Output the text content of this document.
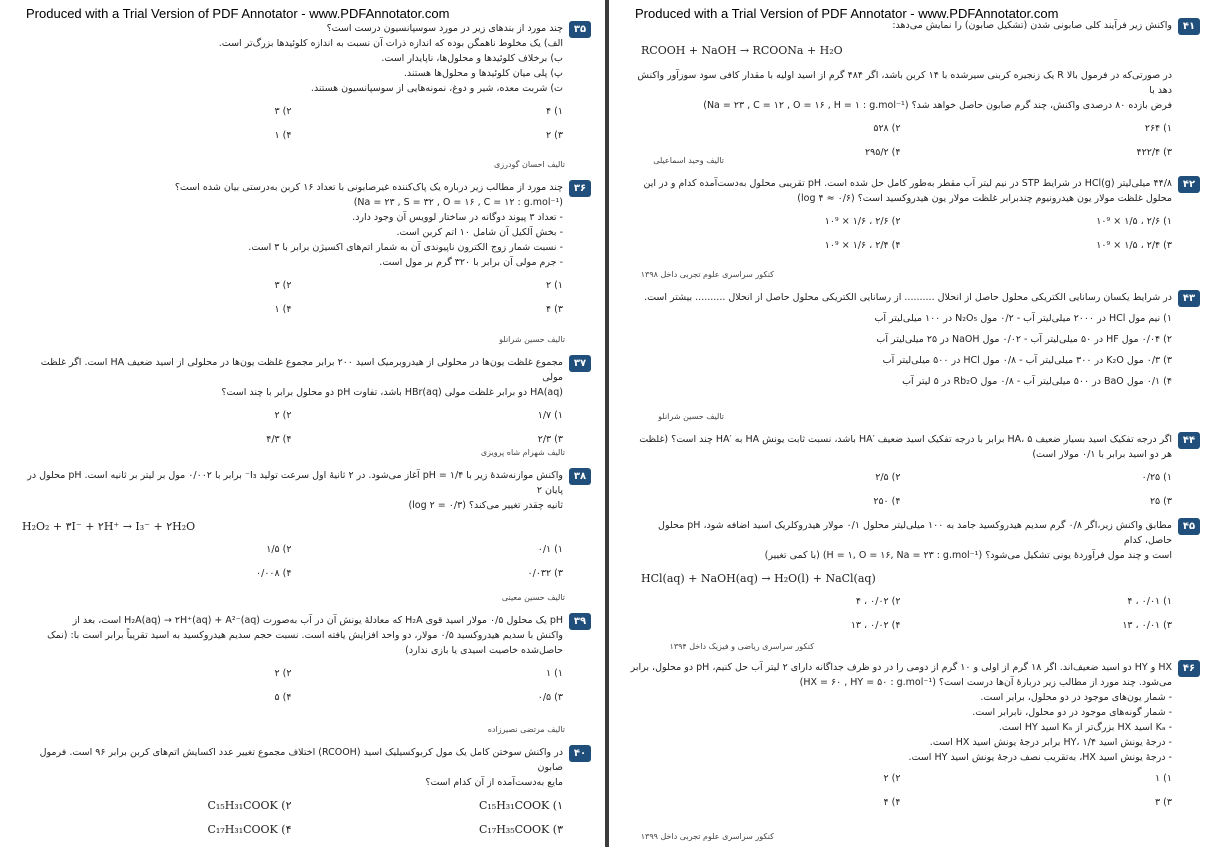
Produced with a Trial Version of PDF Annotator - www.PDFAnnotator.com
۳۵
چند مورد از بندهای زیر در مورد سوسپانسیون درست است؟
الف) یک مخلوط ناهمگن بوده که اندازه ذرات آن نسبت به اندازه کلوئیدها بزرگ‌تر است.
ب) برخلاف کلوئیدها و محلول‌ها، ناپایدار است.
پ) پلی میان کلوئیدها و محلول‌ها هستند.
ت) شربت معده، شیر و دوغ، نمونه‌هایی از سوسپانسیون هستند.
۱) ۴
۲) ۳
۳) ۲
۴) ۱
تالیف احسان گودرزی
۳۶
چند مورد از مطالب زیر درباره یک پاک‌کننده غیرصابونی با تعداد ۱۶ کربن به‌درستی بیان شده است؟
(Na = ۲۳ , S = ۳۲ , O = ۱۶ , C = ۱۲ : g.mol⁻¹)
- تعداد ۳ پیوند دوگانه در ساختار لوویس آن وجود دارد.
- بخش آلکیل آن شامل ۱۰ اتم کربن است.
- نسبت شمار زوج الکترون ناپیوندی آن به شمار اتم‌های اکسیژن برابر با ۳ است.
- جرم مولی آن برابر با ۳۲۰ گرم بر مول است.
۱) ۲
۲) ۳
۳) ۴
۴) ۱
تالیف حسین شرانلو
۳۷
مجموع غلظت یون‌ها در محلولی از هیدروبرمیک اسید ۲۰۰ برابر مجموع غلظت یون‌ها در محلولی از اسید ضعیف HA است. اگر غلظت مولی
HA(aq) دو برابر غلظت مولی HBr(aq) باشد، تفاوت pH دو محلول برابر با چند است؟
۱) ۱/۷
۲) ۲
۳) ۲/۳
۴) ۴/۳
تالیف شهرام شاه پرویزی
۳۸
واکنش موازنه‌شدهٔ زیر با pH = ۱/۴ آغاز می‌شود. در ۲ ثانیهٔ اول سرعت تولید I₃⁻ برابر با ۰/۰۰۲ مول بر لیتر بر ثانیه است. pH محلول در پایان ۲
ثانیه چقدر تغییر می‌کند؟ (log ۲ = ۰/۳)
H₂O₂ + ۳I⁻ + ۲H⁺ → I₃⁻ + ۲H₂O
۱) ۰/۱
۲) ۱/۵
۳) ۰/۰۳۲
۴) ۰/۰۰۸
تالیف حسین معینی
۳۹
pH یک محلول ۰/۵ مولار اسید قوی H₂A که معادلهٔ یونش آن در آب به‌صورت H₂A(aq) → ۲H⁺(aq) + A²⁻(aq) است، بعد از
واکنش با سدیم هیدروکسید ۰/۵ مولار، دو واحد افزایش یافته است. نسبت حجم سدیم هیدروکسید به اسید تقریباً برابر است با: (نمک
حاصل‌شده خاصیت اسیدی یا بازی ندارد)
۱) ۱
۲) ۲
۳) ۰/۵
۴) ۵
تالیف مرتضی نصیرزاده
۴۰
در واکنش سوختن کامل یک مول کربوکسیلیک اسید (RCOOH) اختلاف مجموع تغییر عدد اکسایش اتم‌های کربن برابر ۹۶ است. فرمول صابون
مایع به‌دست‌آمده از آن کدام است؟
۱) C₁₅H₃₁COOK
۲) C₁₅H₃₁COOK
۳) C₁₇H₃₅COOK
۴) C₁₇H₃₁COOK
Produced with a Trial Version of PDF Annotator - www.PDFAnnotator.com
۴۱
واکنش زیر فرآیند کلی صابونی شدن (تشکیل صابون) را نمایش می‌دهد:
RCOOH + NaOH → RCOONa + H₂O
در صورتی‌که در فرمول بالا R یک زنجیره کربنی سیرشده با ۱۴ کربن باشد، اگر ۴۸۴ گرم از اسید اولیه با مقدار کافی سود سوزآور واکنش دهد با
فرض بازده ۸۰ درصدی واکنش، چند گرم صابون حاصل خواهد شد؟ (Na = ۲۳ , C = ۱۲ , O = ۱۶ , H = ۱ : g.mol⁻¹)
۱) ۲۶۴
۲) ۵۲۸
۳) ۴۲۲/۴
۴) ۲۹۵/۲
تالیف وحید اسماعیلی
۴۲
۴۴/۸ میلی‌لیتر HCl(g) در شرایط STP در نیم لیتر آب مقطر به‌طور کامل حل شده است. pH تقریبی محلول به‌دست‌آمده کدام و در این
محلول غلظت مولار یون هیدرونیوم چندبرابر غلظت مولار یون هیدروکسید است؟ (log ۴ ≈ ۰/۶)
۱) ۲/۶ ، ۱/۵ × ۱۰⁹
۲) ۲/۶ ، ۱/۶ × ۱۰⁹
۳) ۲/۴ ، ۱/۵ × ۱۰⁹
۴) ۲/۴ ، ۱/۶ × ۱۰⁹
کنکور سراسری علوم تجربی داخل ۱۳۹۸
۴۳
در شرایط یکسان رسانایی الکتریکی محلول حاصل از انحلال .......... از رسانایی الکتریکی محلول حاصل از انحلال .......... بیشتر است.
۱) نیم مول HCl در ۲۰۰۰ میلی‌لیتر آب - ۰/۲ مول N₂O₅ در ۱۰۰ میلی‌لیتر آب
۲) ۰/۰۴ مول HF در ۵۰ میلی‌لیتر آب - ۰/۰۲ مول NaOH در ۲۵ میلی‌لیتر آب
۳) ۰/۳ مول K₂O در ۳۰۰ میلی‌لیتر آب - ۰/۸ مول HCl در ۵۰۰ میلی‌لیتر آب
۴) ۰/۱ مول BaO در ۵۰۰ میلی‌لیتر آب - ۰/۸ مول Rb₂O در ۵ لیتر آب
تالیف حسین شرانلو
۴۴
اگر درجه تفکیک اسید بسیار ضعیف HA، ۵ برابر با درجه تفکیک اسید ضعیف ′HA باشد، نسبت ثابت یونش HA به ′HA چند است؟ (غلظت
هر دو اسید برابر با ۰/۱ مولار است)
۱) ۰/۲۵
۲) ۲/۵
۳) ۲۵
۴) ۲۵۰
۴۵
مطابق واکنش زیر،اگر ۰/۸ گرم سدیم هیدروکسید جامد به ۱۰۰ میلی‌لیتر محلول ۰/۱ مولار هیدروکلریک اسید اضافه شود، pH محلول حاصل، کدام
است و چند مول فرآوردهٔ یونی تشکیل می‌شود؟ (H = ۱, O = ۱۶, Na = ۲۳ : g.mol⁻¹) (با کمی تغییر)
HCl(aq) + NaOH(aq) → H₂O(l) + NaCl(aq)
۱) ۰/۰۱ ، ۴
۲) ۰/۰۲ ، ۴
۳) ۰/۰۱ ، ۱۳
۴) ۰/۰۲ ، ۱۳
کنکور سراسری ریاضی و فیزیک داخل ۱۳۹۴
۴۶
HX و HY دو اسید ضعیف‌اند. اگر ۱۸ گرم از اولی و ۱۰ گرم از دومی را در دو ظرف جداگانه دارای ۲ لیتر آب حل کنیم، pH دو محلول، برابر
می‌شود. چند مورد از مطالب زیر دربارهٔ آن‌ها درست است؟ (HX = ۶۰ , HY = ۵۰ : g.mol⁻¹)
- شمار یون‌های موجود در دو محلول، برابر است.
- شمار گونه‌های موجود در دو محلول، نابرابر است.
- Kₐ اسید HX بزرگ‌تر از Kₐ اسید HY است.
- درجهٔ یونش اسید HY، ۱/۴ برابر درجهٔ یونش اسید HX است.
- درجهٔ یونش اسید HX، به‌تقریب نصف درجهٔ یونش اسید HY است.
۱) ۱
۲) ۲
۳) ۳
۴) ۴
کنکور سراسری علوم تجربی داخل ۱۳۹۹
